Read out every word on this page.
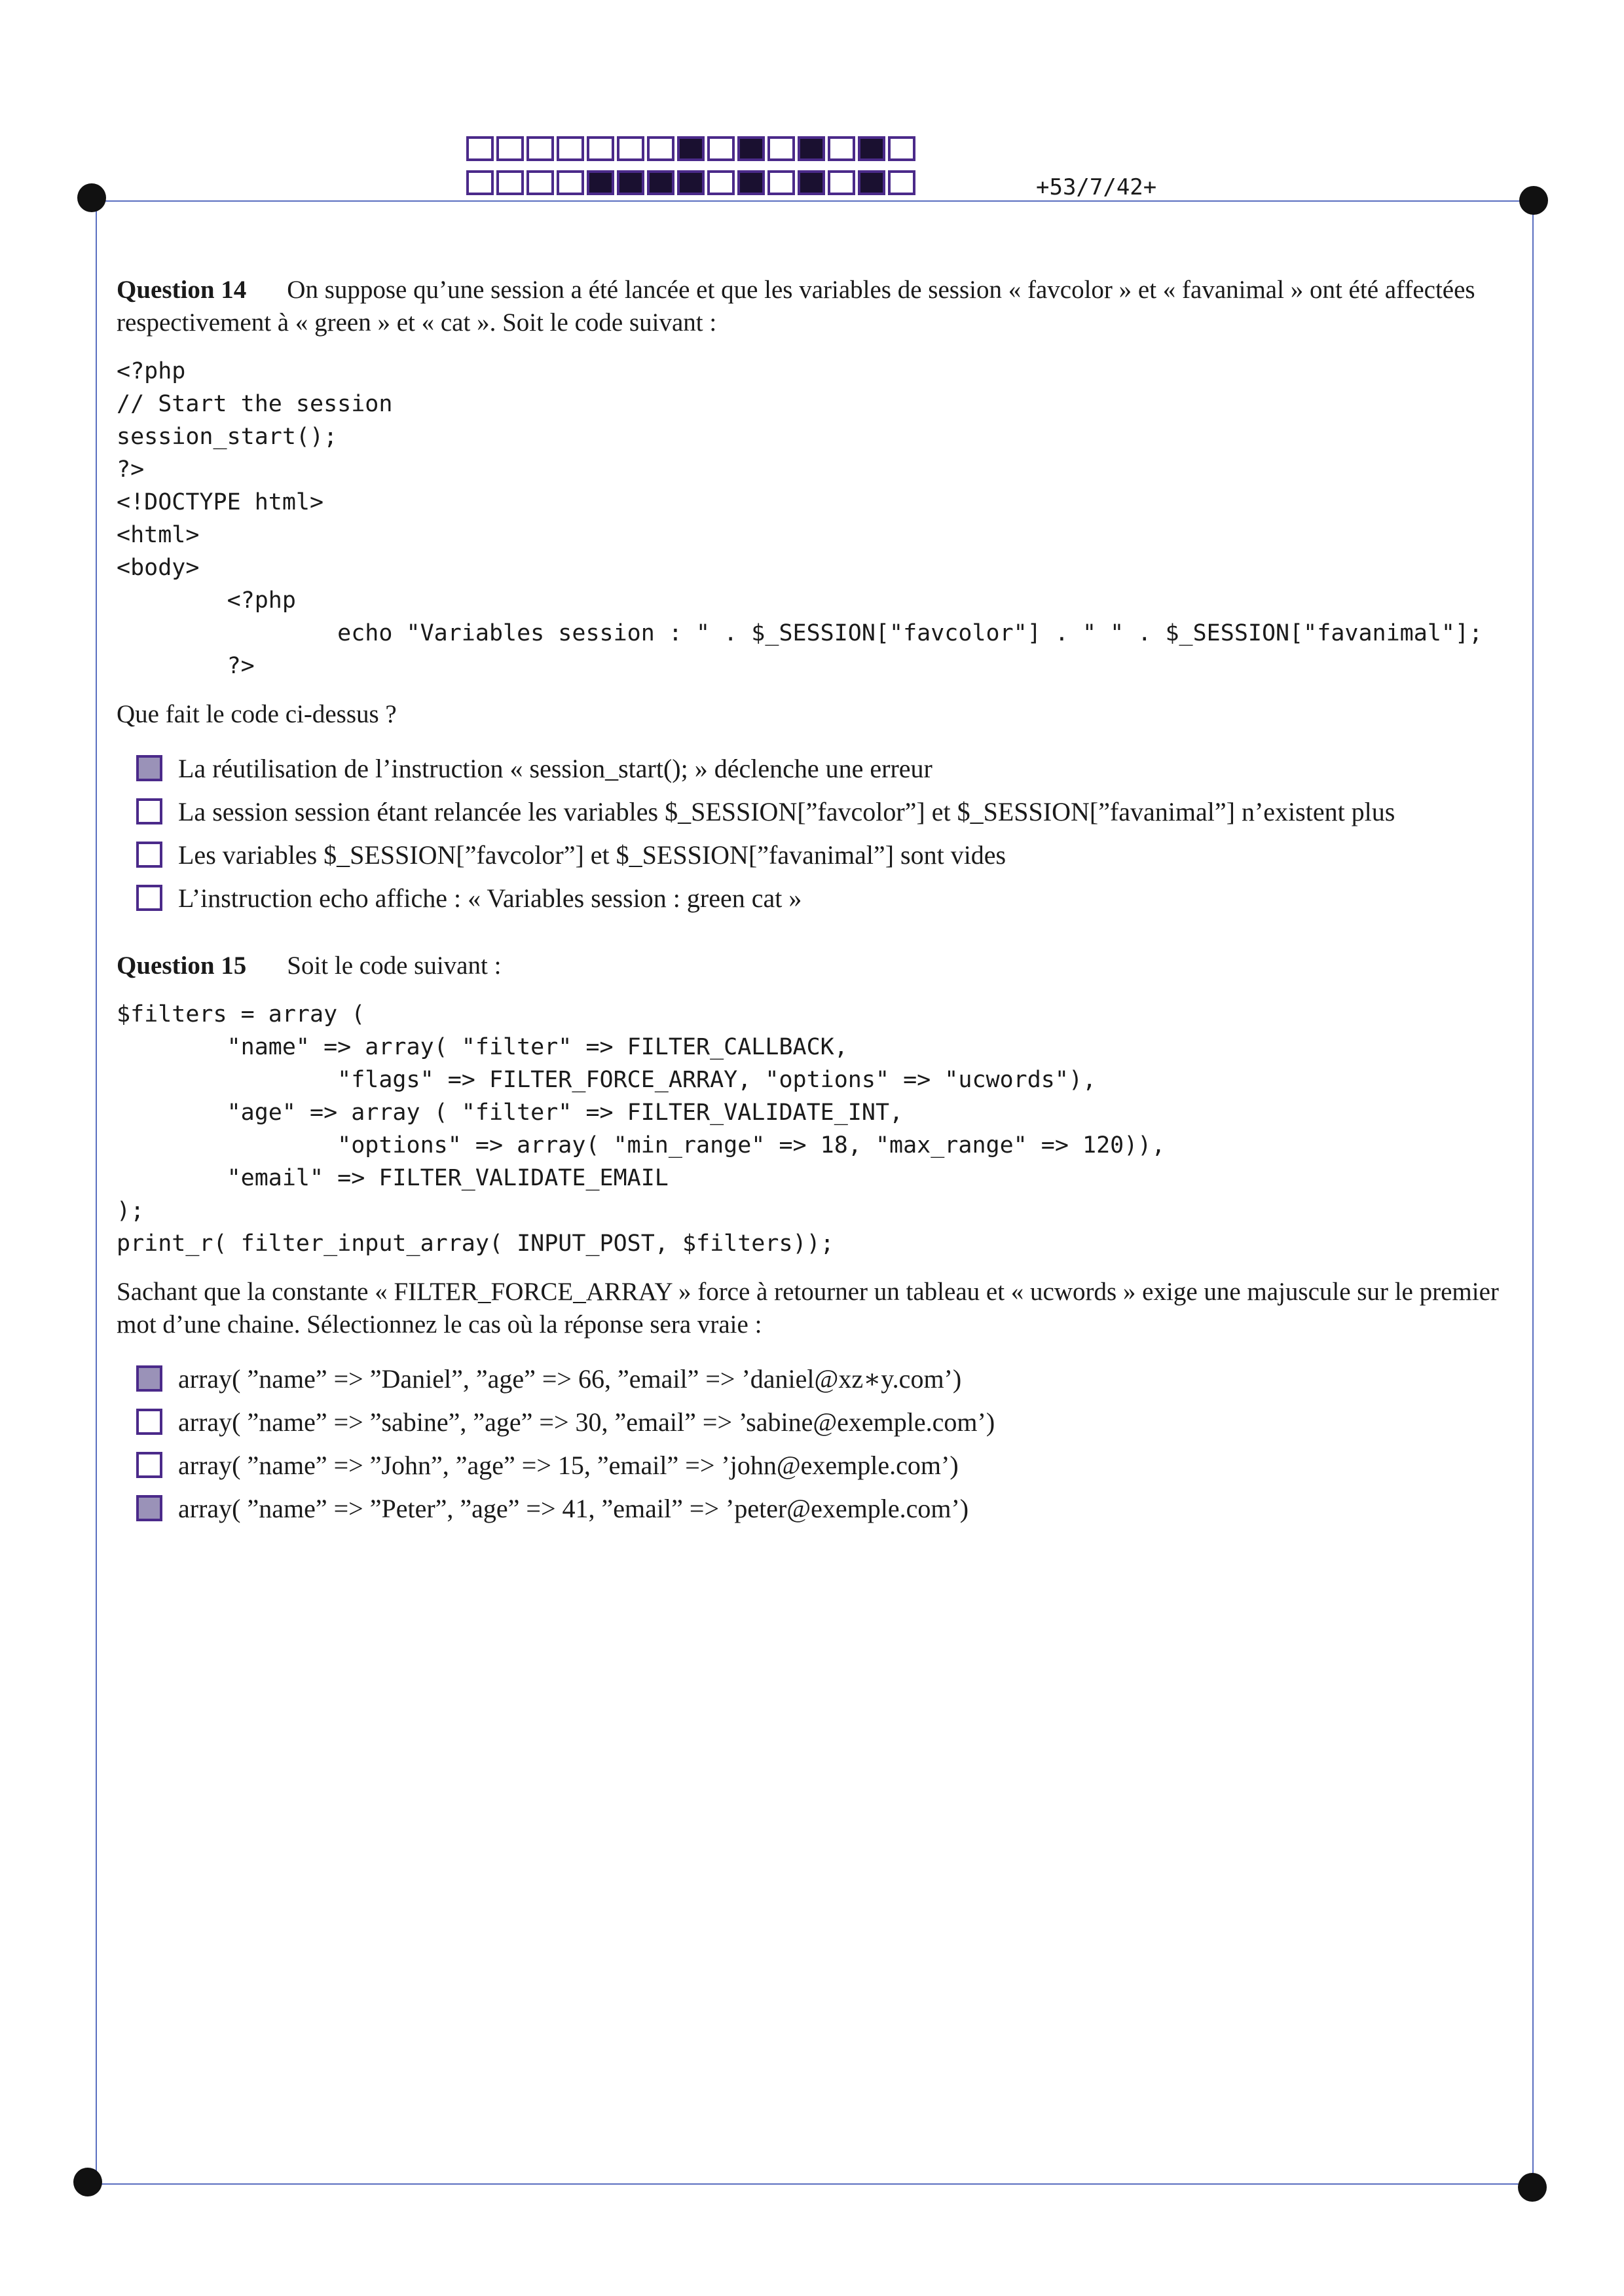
+53/7/42+

Question 14 On suppose qu’une session a été lancée et que les variables de session « favcolor » et « favanimal » ont été affectées respectivement à « green » et « cat ». Soit le code suivant :

<?php
// Start the session
session_start();
?>
<!DOCTYPE html>
<html>
<body>
<?php
echo "Variables session : " . $_SESSION["favcolor"] . " " . $_SESSION["favanimal"];
?>

Que fait le code ci-dessus ?

La réutilisation de l’instruction « session_start(); » déclenche une erreur
La session session étant relancée les variables $_SESSION[”favcolor”] et $_SESSION[”favanimal”] n’existent plus
Les variables $_SESSION[”favcolor”] et $_SESSION[”favanimal”] sont vides
L’instruction echo affiche : « Variables session : green cat »

Question 15 Soit le code suivant :

$filters = array (
"name" => array( "filter" => FILTER_CALLBACK,
"flags" => FILTER_FORCE_ARRAY, "options" => "ucwords"),
"age" => array ( "filter" => FILTER_VALIDATE_INT,
"options" => array( "min_range" => 18, "max_range" => 120)),
"email" => FILTER_VALIDATE_EMAIL
);
print_r( filter_input_array( INPUT_POST, $filters));

Sachant que la constante « FILTER_FORCE_ARRAY » force à retourner un tableau et « ucwords » exige une majuscule sur le premier mot d’une chaine. Sélectionnez le cas où la réponse sera vraie :

array( ”name” => ”Daniel”, ”age” => 66, ”email” => ’daniel@xz∗y.com’)
array( ”name” => ”sabine”, ”age” => 30, ”email” => ’sabine@exemple.com’)
array( ”name” => ”John”, ”age” => 15, ”email” => ’john@exemple.com’)
array( ”name” => ”Peter”, ”age” => 41, ”email” => ’peter@exemple.com’)
